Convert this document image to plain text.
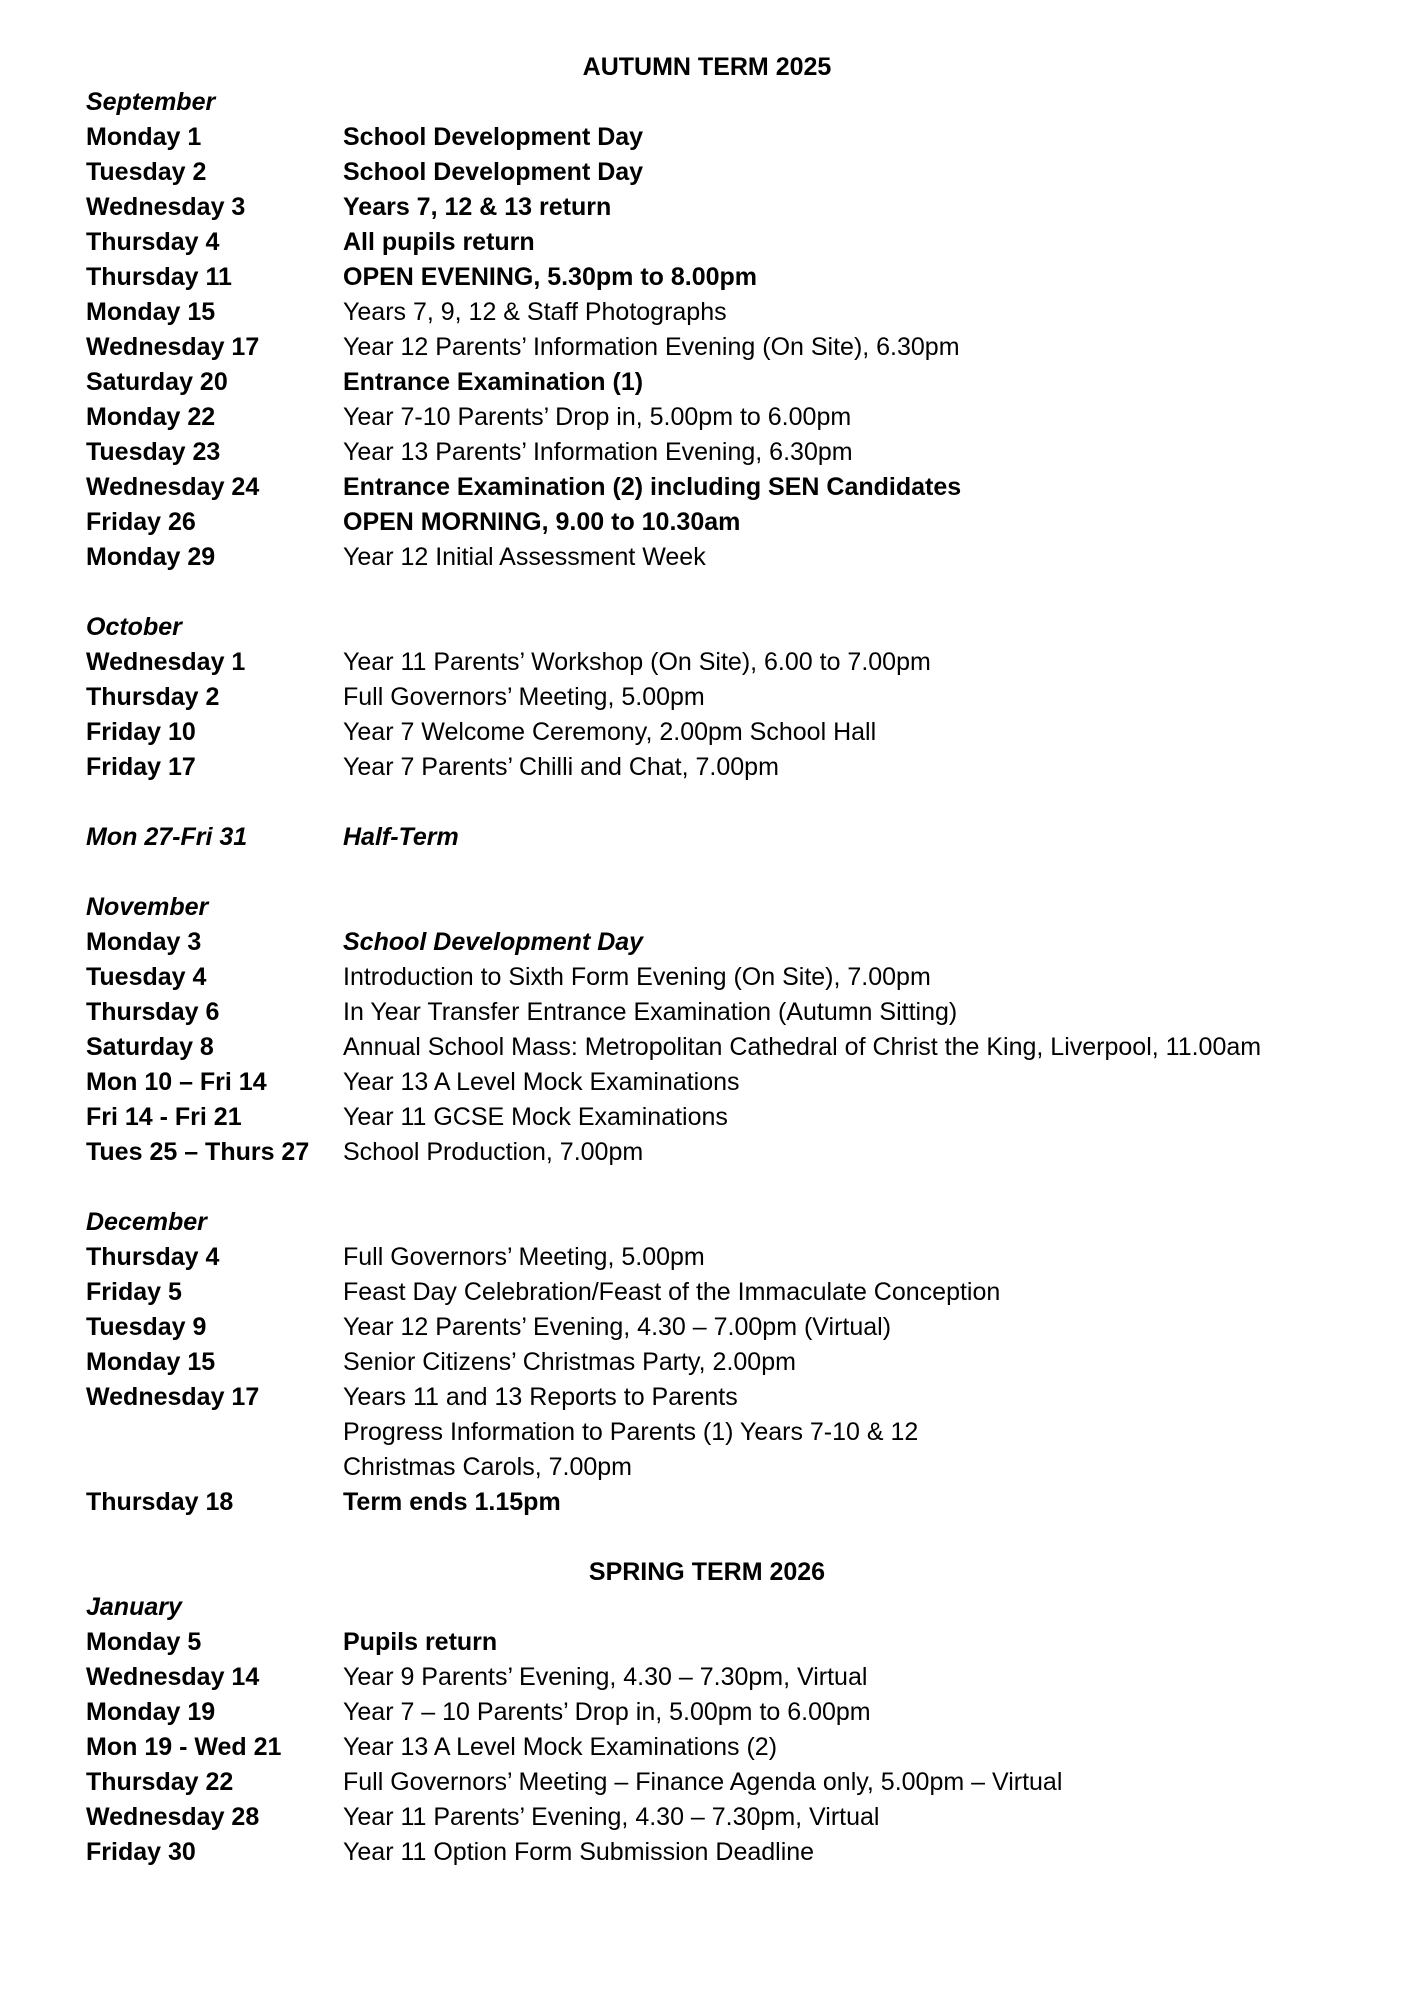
AUTUMN TERM 2025
September
Monday 1	School Development Day
Tuesday 2	School Development Day
Wednesday 3	Years 7, 12 & 13 return
Thursday 4	All pupils return
Thursday 11	OPEN EVENING, 5.30pm to 8.00pm
Monday 15	Years 7, 9, 12 & Staff Photographs
Wednesday 17	Year 12 Parents’ Information Evening (On Site), 6.30pm
Saturday 20	Entrance Examination (1)
Monday 22	Year 7-10 Parents’ Drop in, 5.00pm to 6.00pm
Tuesday 23	Year 13 Parents’ Information Evening, 6.30pm
Wednesday 24	Entrance Examination (2) including SEN Candidates
Friday 26	OPEN MORNING, 9.00 to 10.30am
Monday 29	Year 12 Initial Assessment Week
October
Wednesday 1	Year 11 Parents’ Workshop (On Site), 6.00 to 7.00pm
Thursday 2	Full Governors’ Meeting, 5.00pm
Friday 10	Year 7 Welcome Ceremony, 2.00pm School Hall
Friday 17	Year 7 Parents’ Chilli and Chat, 7.00pm
Mon 27-Fri 31	Half-Term
November
Monday 3	School Development Day
Tuesday 4	Introduction to Sixth Form Evening (On Site), 7.00pm
Thursday 6	In Year Transfer Entrance Examination (Autumn Sitting)
Saturday 8	Annual School Mass: Metropolitan Cathedral of Christ the King, Liverpool, 11.00am
Mon 10 – Fri 14	Year 13 A Level Mock Examinations
Fri 14 - Fri 21	Year 11 GCSE Mock Examinations
Tues 25 – Thurs 27	School Production, 7.00pm
December
Thursday 4	Full Governors’ Meeting, 5.00pm
Friday 5	Feast Day Celebration/Feast of the Immaculate Conception
Tuesday 9	Year 12 Parents’ Evening, 4.30 – 7.00pm (Virtual)
Monday 15	Senior Citizens’ Christmas Party, 2.00pm
Wednesday 17	Years 11 and 13 Reports to Parents
Progress Information to Parents (1) Years 7-10 & 12
Christmas Carols, 7.00pm
Thursday 18	Term ends 1.15pm
SPRING TERM 2026
January
Monday 5	Pupils return
Wednesday 14	Year 9 Parents’ Evening, 4.30 – 7.30pm, Virtual
Monday 19	Year 7 – 10 Parents’ Drop in, 5.00pm to 6.00pm
Mon 19 - Wed 21	Year 13 A Level Mock Examinations (2)
Thursday 22	Full Governors’ Meeting – Finance Agenda only, 5.00pm – Virtual
Wednesday 28	Year 11 Parents’ Evening, 4.30 – 7.30pm, Virtual
Friday 30	Year 11 Option Form Submission Deadline
